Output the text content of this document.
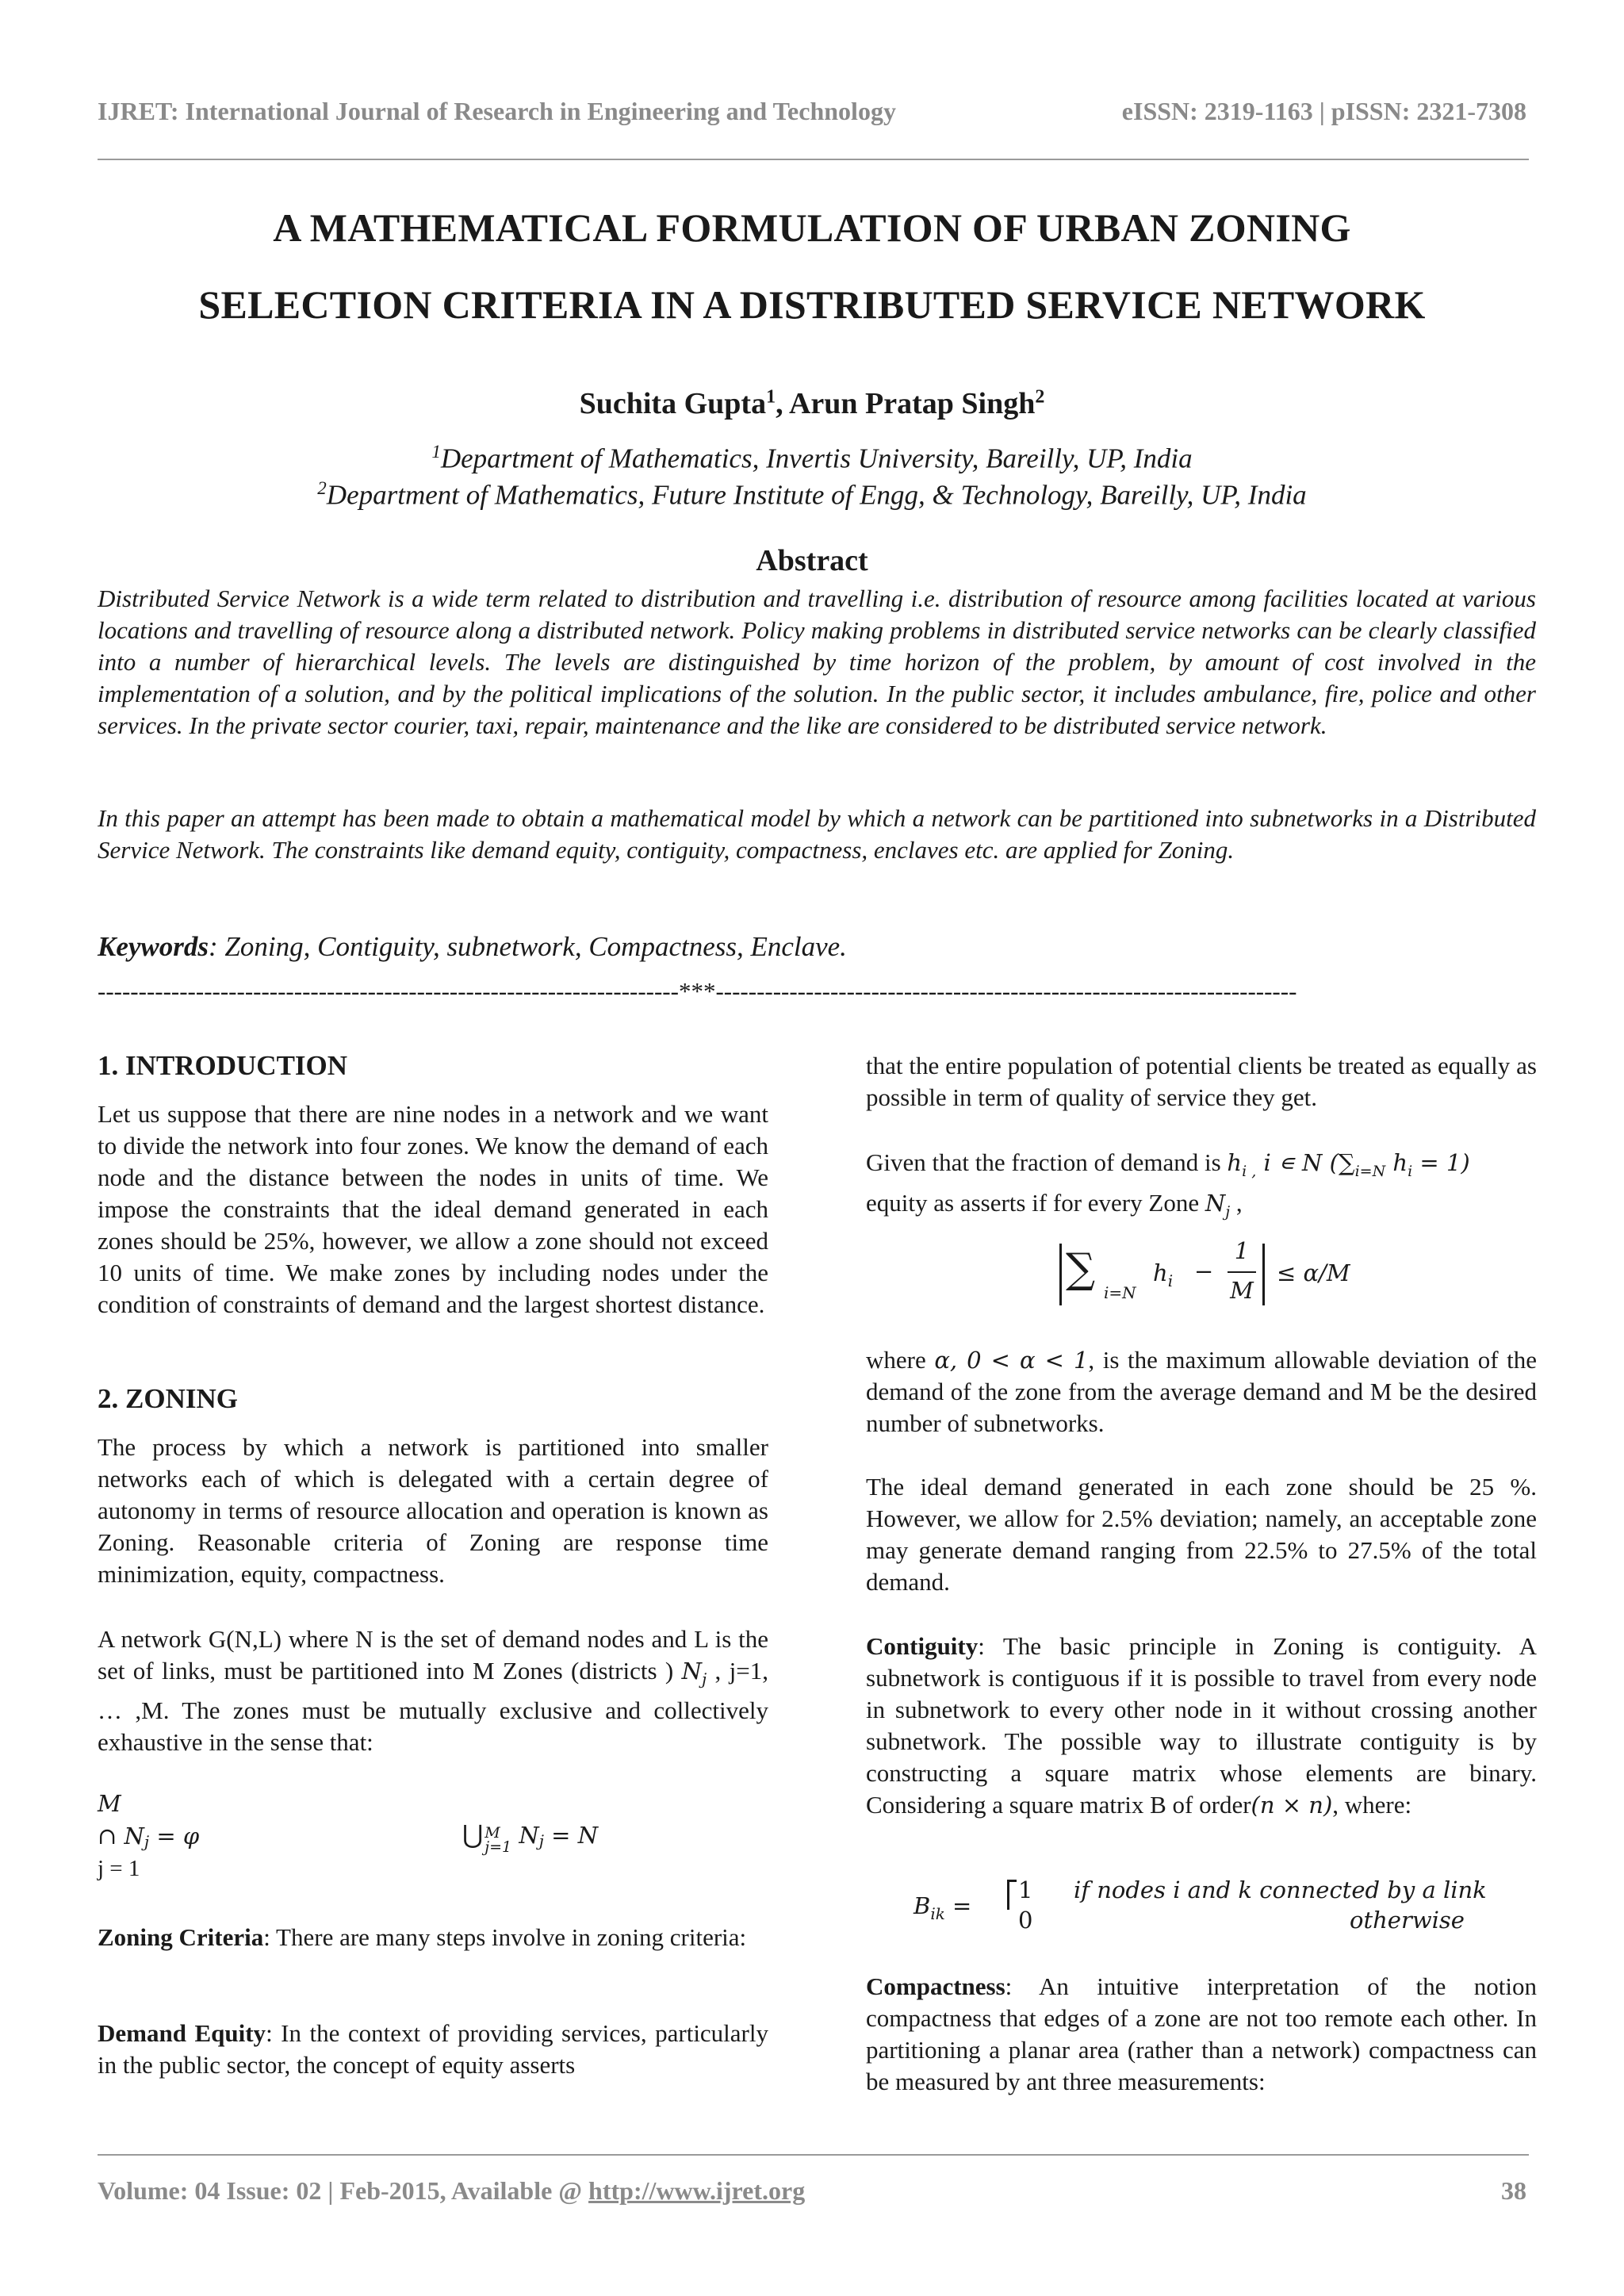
IJRET: International Journal of Research in Engineering and Technology	eISSN: 2319-1163 | pISSN: 2321-7308
A MATHEMATICAL FORMULATION OF URBAN ZONING
SELECTION CRITERIA IN A DISTRIBUTED SERVICE NETWORK
Suchita Gupta$^1$, Arun Pratap Singh$^2$
$^1$Department of Mathematics, Invertis University, Bareilly, UP, India
$^2$Department of Mathematics, Future Institute of Engg, & Technology, Bareilly, UP, India
Abstract
Distributed Service Network is a wide term related to distribution and travelling i.e. distribution of resource among facilities located at various locations and travelling of resource along a distributed network. Policy making problems in distributed service networks can be clearly classified into a number of hierarchical levels. The levels are distinguished by time horizon of the problem, by amount of cost involved in the implementation of a solution, and by the political implications of the solution. In the public sector, it includes ambulance, fire, police and other services. In the private sector courier, taxi, repair, maintenance and the like are considered to be distributed service network.
In this paper an attempt has been made to obtain a mathematical model by which a network can be partitioned into subnetworks in a Distributed Service Network. The constraints like demand equity, contiguity, compactness, enclaves etc. are applied for Zoning.
Keywords: Zoning, Contiguity, subnetwork, Compactness, Enclave.
-----------------------------------------------------------------------***-----------------------------------------------------------------------
1. INTRODUCTION
Let us suppose that there are nine nodes in a network and we want to divide the network into four zones. We know the demand of each node and the distance between the nodes in units of time. We impose the constraints that the ideal demand generated in each zones should be 25%, however, we allow a zone should not exceed 10 units of time. We make zones by including nodes under the condition of constraints of demand and the largest shortest distance.
2. ZONING
The process by which a network is partitioned into smaller networks each of which is delegated with a certain degree of autonomy in terms of resource allocation and operation is known as Zoning. Reasonable criteria of Zoning are response time minimization, equity, compactness.
A network G(N,L) where N is the set of demand nodes and L is the set of links, must be partitioned into M Zones (districts ) $N_j$ , j=1, … ,M. The zones must be mutually exclusive and collectively exhaustive in the sense that:
M
∩ $N_j = \varphi$
j = 1
⋃ M
j=1 $N_j = N$
Zoning Criteria: There are many steps involve in zoning criteria:
Demand Equity: In the context of providing services, particularly in the public sector, the concept of equity asserts
that the entire population of potential clients be treated as equally as possible in term of quality of service they get.
Given that the fraction of demand is $h_{i ,}$ i ∊ N ($\sum_{i=N}$ $h_i = 1$)
equity as asserts if for every Zone $N_j$ ,
∑ i=N
$h_i$ −
1
M
≤ α/M
where α, 0 < α < 1, is the maximum allowable deviation of the demand of the zone from the average demand and M be the desired number of subnetworks.
The ideal demand generated in each zone should be 25 %. However, we allow for 2.5% deviation; namely, an acceptable zone may generate demand ranging from 22.5% to 27.5% of the total demand.
Contiguity: The basic principle in Zoning is contiguity. A subnetwork is contiguous if it is possible to travel from every node in subnetwork to every other node in it without crossing another subnetwork. The possible way to illustrate contiguity is by constructing a square matrix whose elements are binary. Considering a square matrix B of order(n × n), where:
$B_{ik}$ =
1 if nodes i and k connected by a link
0	otherwise
Compactness: An intuitive interpretation of the notion compactness that edges of a zone are not too remote each other. In partitioning a planar area (rather than a network) compactness can be measured by ant three measurements:
Volume: 04 Issue: 02 | Feb-2015, Available @ http://www.ijret.org	38
